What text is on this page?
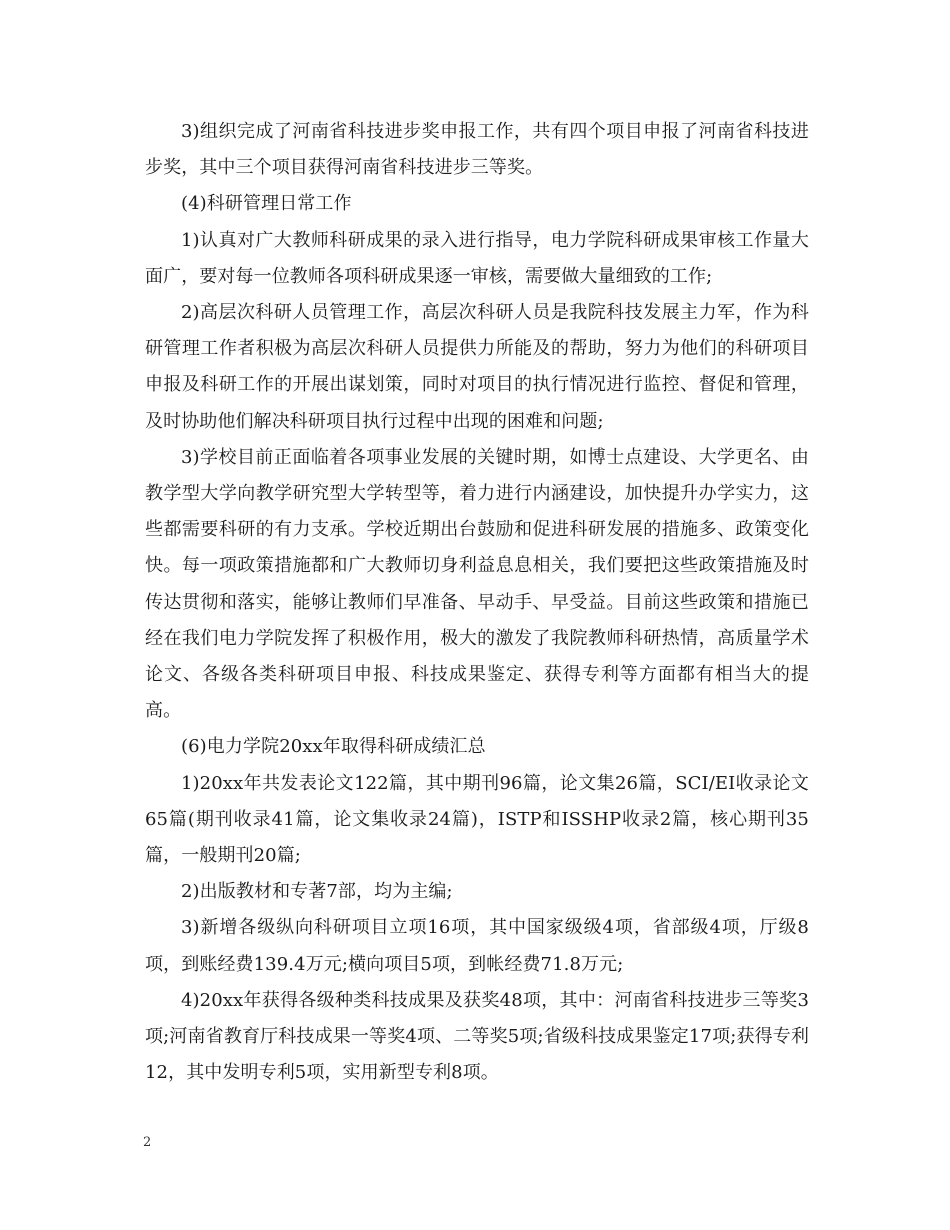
3)组织完成了河南省科技进步奖申报工作，共有四个项目申报了河南省科技进步奖，其中三个项目获得河南省科技进步三等奖。

(4)科研管理日常工作

1)认真对广大教师科研成果的录入进行指导，电力学院科研成果审核工作量大面广，要对每一位教师各项科研成果逐一审核，需要做大量细致的工作;

2)高层次科研人员管理工作，高层次科研人员是我院科技发展主力军，作为科研管理工作者积极为高层次科研人员提供力所能及的帮助，努力为他们的科研项目申报及科研工作的开展出谋划策，同时对项目的执行情况进行监控、督促和管理，及时协助他们解决科研项目执行过程中出现的困难和问题;

3)学校目前正面临着各项事业发展的关键时期，如博士点建设、大学更名、由教学型大学向教学研究型大学转型等，着力进行内涵建设，加快提升办学实力，这些都需要科研的有力支承。学校近期出台鼓励和促进科研发展的措施多、政策变化快。每一项政策措施都和广大教师切身利益息息相关，我们要把这些政策措施及时传达贯彻和落实，能够让教师们早准备、早动手、早受益。目前这些政策和措施已经在我们电力学院发挥了积极作用，极大的激发了我院教师科研热情，高质量学术论文、各级各类科研项目申报、科技成果鉴定、获得专利等方面都有相当大的提高。

(6)电力学院20xx年取得科研成绩汇总

1)20xx年共发表论文122篇，其中期刊96篇，论文集26篇，SCI/EI收录论文65篇(期刊收录41篇，论文集收录24篇)，ISTP和ISSHP收录2篇，核心期刊35篇，一般期刊20篇;

2)出版教材和专著7部，均为主编;

3)新增各级纵向科研项目立项16项，其中国家级级4项，省部级4项，厅级8项，到账经费139.4万元;横向项目5项，到帐经费71.8万元;

4)20xx年获得各级种类科技成果及获奖48项，其中：河南省科技进步三等奖3项;河南省教育厅科技成果一等奖4项、二等奖5项;省级科技成果鉴定17项;获得专利12，其中发明专利5项，实用新型专利8项。

2
